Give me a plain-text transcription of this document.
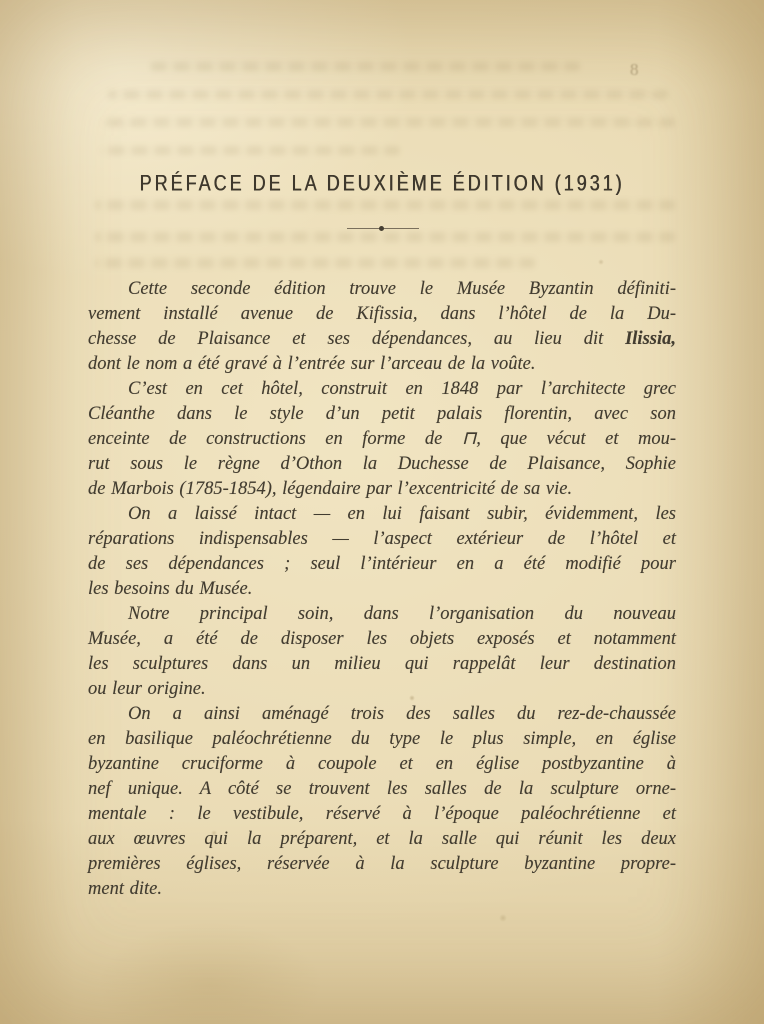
8
PRÉFACE DE LA DEUXIÈME ÉDITION (1931)
Cette seconde édition trouve le Musée Byzantin définiti-
vement installé avenue de Kifissia, dans l’hôtel de la Du-
chesse de Plaisance et ses dépendances, au lieu dit Ilissia,
dont le nom a été gravé à l’entrée sur l’arceau de la voûte.
C’est en cet hôtel, construit en 1848 par l’architecte grec
Cléanthe dans le style d’un petit palais florentin, avec son
enceinte de constructions en forme de ⊓, que vécut et mou-
rut sous le règne d’Othon la Duchesse de Plaisance, Sophie
de Marbois (1785-1854), légendaire par l’excentricité de sa vie.
On a laissé intact — en lui faisant subir, évidemment, les
réparations indispensables — l’aspect extérieur de l’hôtel et
de ses dépendances ; seul l’intérieur en a été modifié pour
les besoins du Musée.
Notre principal soin, dans l’organisation du nouveau
Musée, a été de disposer les objets exposés et notamment
les sculptures dans un milieu qui rappelât leur destination
ou leur origine.
On a ainsi aménagé trois des salles du rez-de-chaussée
en basilique paléochrétienne du type le plus simple, en église
byzantine cruciforme à coupole et en église postbyzantine à
nef unique. A côté se trouvent les salles de la sculpture orne-
mentale : le vestibule, réservé à l’époque paléochrétienne et
aux œuvres qui la préparent, et la salle qui réunit les deux
premières églises, réservée à la sculpture byzantine propre-
ment dite.
